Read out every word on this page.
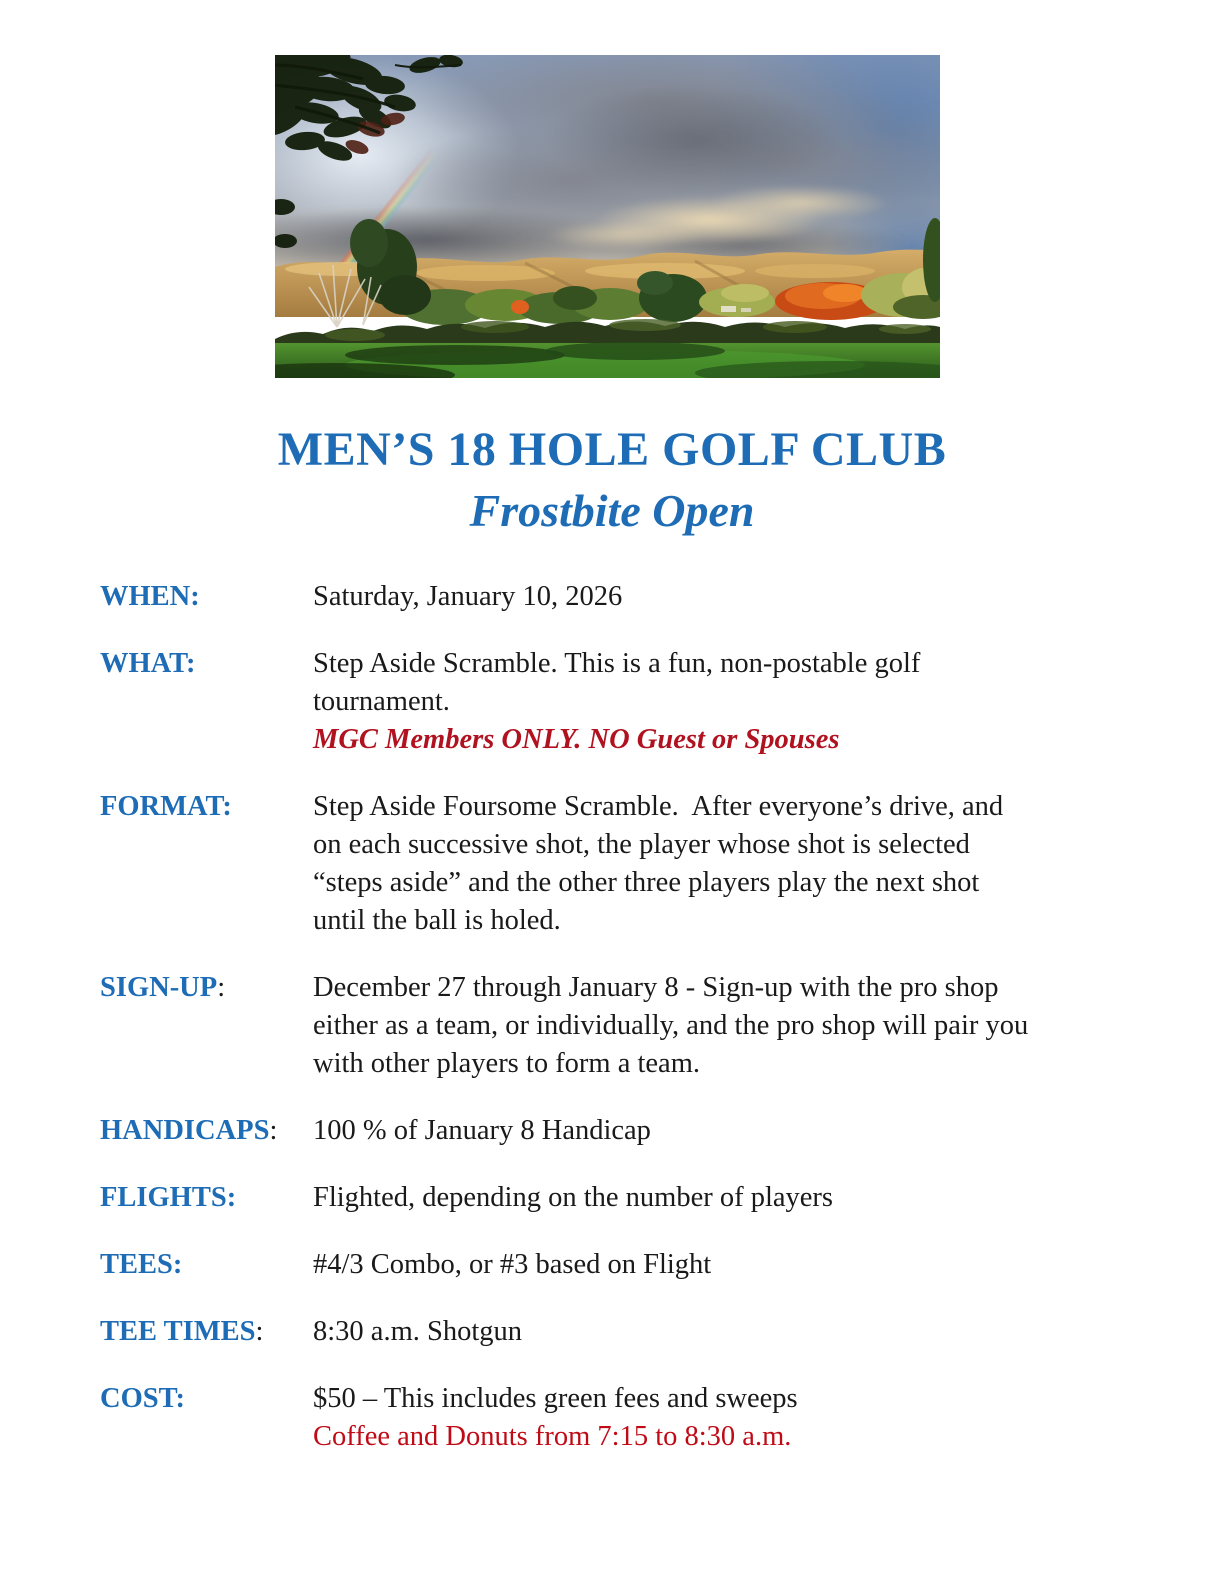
MEN’S 18 HOLE GOLF CLUB
Frostbite Open
WHEN:	Saturday, January 10, 2026
WHAT:	Step Aside Scramble. This is a fun, non-postable golf
tournament.
MGC Members ONLY. NO Guest or Spouses
FORMAT:	Step Aside Foursome Scramble.  After everyone’s drive, and
on each successive shot, the player whose shot is selected
“steps aside” and the other three players play the next shot
until the ball is holed.
SIGN-UP:	December 27 through January 8 - Sign-up with the pro shop
either as a team, or individually, and the pro shop will pair you
with other players to form a team.
HANDICAPS:	100 % of January 8 Handicap
FLIGHTS:	Flighted, depending on the number of players
TEES:	#4/3 Combo, or #3 based on Flight
TEE TIMES:	8:30 a.m. Shotgun
COST:	$50 – This includes green fees and sweeps
Coffee and Donuts from 7:15 to 8:30 a.m.
